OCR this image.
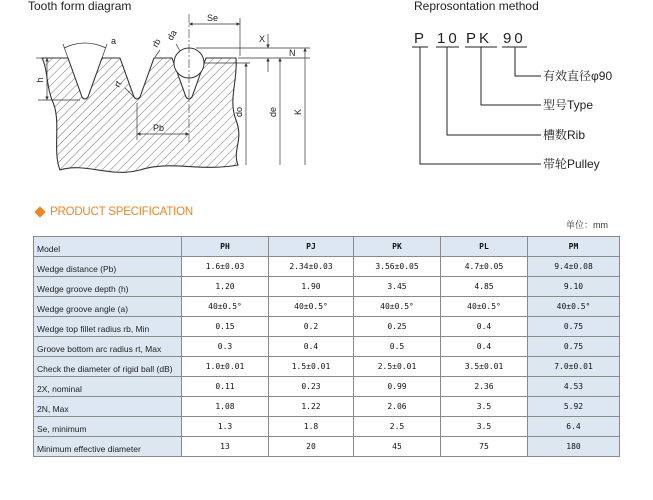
Tooth form diagram	Reprosontation method
Se
X
N
do	de K
h
a
rt
rb
da
Pb
P 10 PK 90
有效直径φ90
型号Type
槽数Rib
带轮Pulley
PRODUCT SPECIFICATION
单位：mm
Model	PH	PJ	PK	PL	PM
Wedge distance (Pb)	1.6±0.03	2.34±0.03	3.56±0.05	4.7±0.05	9.4±0.08
Wedge groove depth (h)	1.20	1.90	3.45	4.85	9.10
Wedge groove angle (a)	40±0.5°	40±0.5°	40±0.5°	40±0.5°	40±0.5°
Wedge top fillet radius rb, Min	0.15	0.2	0.25	0.4	0.75
Groove bottom arc radius rt, Max	0.3	0.4	0.5	0.4	0.75
Check the diameter of rigid ball (dB)	1.0±0.01	1.5±0.01	2.5±0.01	3.5±0.01	7.0±0.01
2X, nominal	0.11	0.23	0.99	2.36	4.53
2N, Max	1.08	1.22	2.06	3.5	5.92
Se, minimum	1.3	1.8	2.5	3.5	6.4
Minimum effective diameter	13	20	45	75	180
